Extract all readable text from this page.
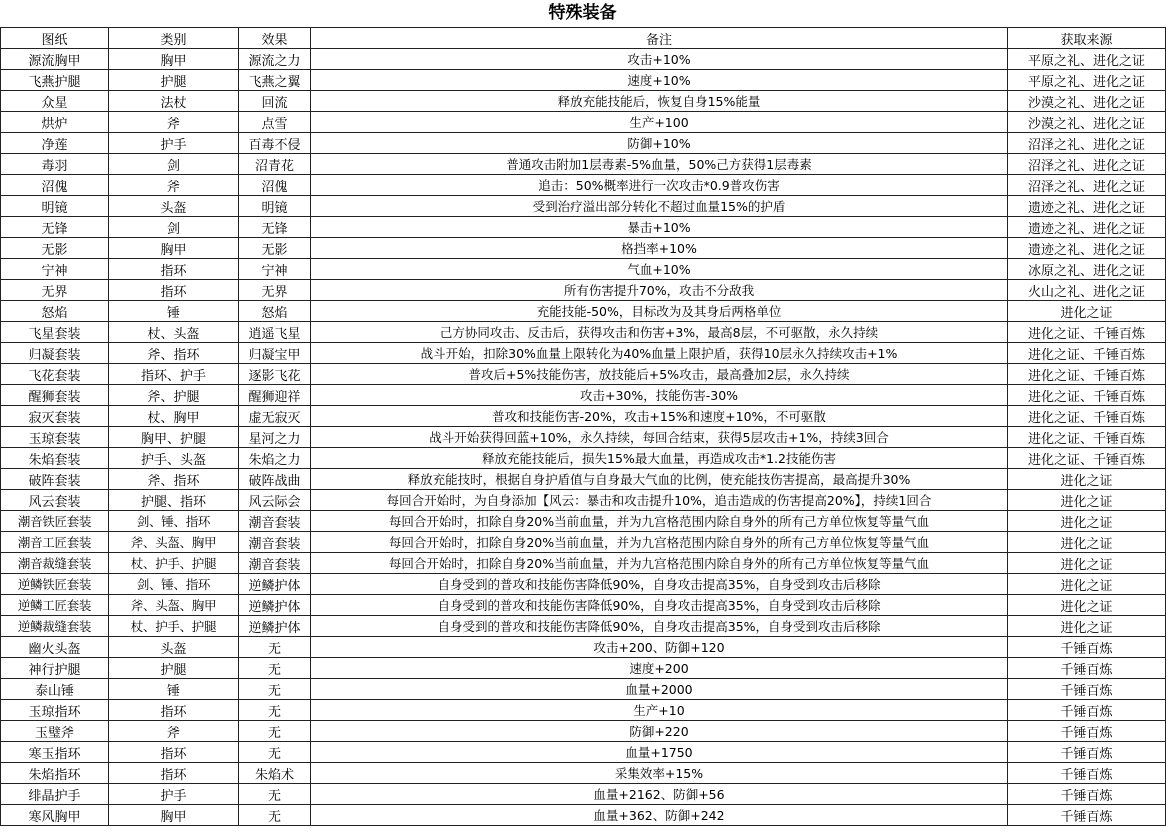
特殊装备
图纸	类别	效果	备注	获取来源
源流胸甲	胸甲	源流之力	攻击+10%	平原之礼、进化之证
飞燕护腿	护腿	飞燕之翼	速度+10%	平原之礼、进化之证
众星	法杖	回流	释放充能技能后，恢复自身15%能量	沙漠之礼、进化之证
烘炉	斧	点雪	生产+100	沙漠之礼、进化之证
净莲	护手	百毒不侵	防御+10%	沼泽之礼、进化之证
毒羽	剑	沼青花	普通攻击附加1层毒素-5%血量，50%己方获得1层毒素	沼泽之礼、进化之证
沼傀	斧	沼傀	追击：50%概率进行一次攻击*0.9普攻伤害	沼泽之礼、进化之证
明镜	头盔	明镜	受到治疗溢出部分转化不超过血量15%的护盾	遗迹之礼、进化之证
无锋	剑	无锋	暴击+10%	遗迹之礼、进化之证
无影	胸甲	无影	格挡率+10%	遗迹之礼、进化之证
宁神	指环	宁神	气血+10%	冰原之礼、进化之证
无界	指环	无界	所有伤害提升70%，攻击不分敌我	火山之礼、进化之证
怒焰	锤	怒焰	充能技能-50%，目标改为及其身后两格单位	进化之证
飞星套装	杖、头盔	逍遥飞星	己方协同攻击、反击后，获得攻击和伤害+3%，最高8层，不可驱散，永久持续	进化之证、千锤百炼
归凝套装	斧、指环	归凝宝甲	战斗开始，扣除30%血量上限转化为40%血量上限护盾，获得10层永久持续攻击+1%	进化之证、千锤百炼
飞花套装	指环、护手	逐影飞花	普攻后+5%技能伤害，放技能后+5%攻击，最高叠加2层，永久持续	进化之证、千锤百炼
醒狮套装	斧、护腿	醒狮迎祥	攻击+30%，技能伤害-30%	进化之证、千锤百炼
寂灭套装	杖、胸甲	虚无寂灭	普攻和技能伤害-20%，攻击+15%和速度+10%，不可驱散	进化之证、千锤百炼
玉琼套装	胸甲、护腿	星河之力	战斗开始获得回蓝+10%，永久持续，每回合结束，获得5层攻击+1%，持续3回合	进化之证、千锤百炼
朱焰套装	护手、头盔	朱焰之力	释放充能技能后，损失15%最大血量，再造成攻击*1.2技能伤害	进化之证、千锤百炼
破阵套装	斧、指环	破阵战曲	释放充能技时，根据自身护盾值与自身最大气血的比例，使充能技伤害提高，最高提升30%	进化之证
风云套装	护腿、指环	风云际会	每回合开始时，为自身添加【风云：暴击和攻击提升10%，追击造成的伤害提高20%】，持续1回合	进化之证
潮音铁匠套装	剑、锤、指环	潮音套装	每回合开始时，扣除自身20%当前血量，并为九宫格范围内除自身外的所有己方单位恢复等量气血	进化之证
潮音工匠套装	斧、头盔、胸甲	潮音套装	每回合开始时，扣除自身20%当前血量，并为九宫格范围内除自身外的所有己方单位恢复等量气血	进化之证
潮音裁缝套装	杖、护手、护腿	潮音套装	每回合开始时，扣除自身20%当前血量，并为九宫格范围内除自身外的所有己方单位恢复等量气血	进化之证
逆鳞铁匠套装	剑、锤、指环	逆鳞护体	自身受到的普攻和技能伤害降低90%，自身攻击提高35%，自身受到攻击后移除	进化之证
逆鳞工匠套装	斧、头盔、胸甲	逆鳞护体	自身受到的普攻和技能伤害降低90%，自身攻击提高35%，自身受到攻击后移除	进化之证
逆鳞裁缝套装	杖、护手、护腿	逆鳞护体	自身受到的普攻和技能伤害降低90%，自身攻击提高35%，自身受到攻击后移除	进化之证
幽火头盔	头盔	无	攻击+200、防御+120	千锤百炼
神行护腿	护腿	无	速度+200	千锤百炼
泰山锤	锤	无	血量+2000	千锤百炼
玉琼指环	指环	无	生产+10	千锤百炼
玉璧斧	斧	无	防御+220	千锤百炼
寒玉指环	指环	无	血量+1750	千锤百炼
朱焰指环	指环	朱焰术	采集效率+15%	千锤百炼
绯晶护手	护手	无	血量+2162、防御+56	千锤百炼
寒风胸甲	胸甲	无	血量+362、防御+242	千锤百炼
